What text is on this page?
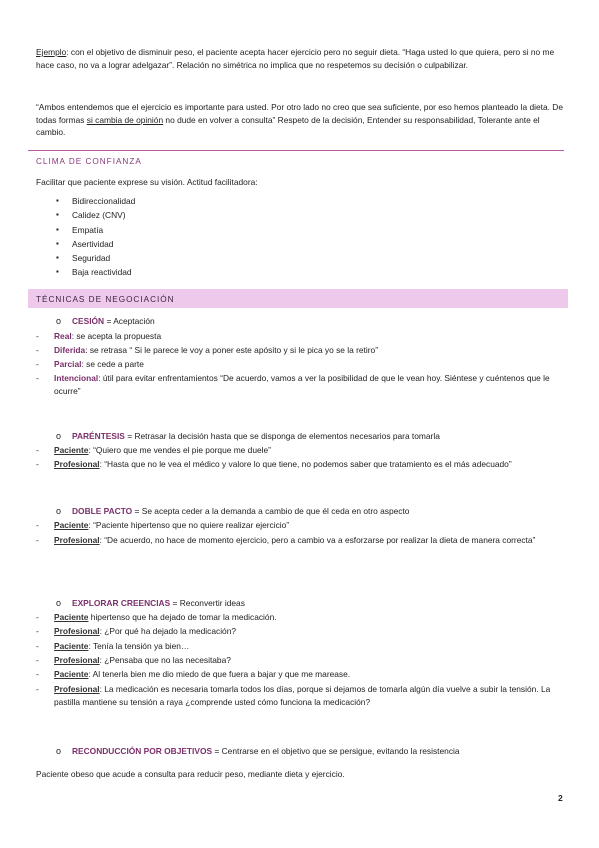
Ejemplo: con el objetivo de disminuir peso, el paciente acepta hacer ejercicio pero no seguir dieta. “Haga usted lo que quiera, pero si no me hace caso, no va a lograr adelgazar”. Relación no simétrica no implica que no respetemos su decisión o culpabilizar.
“Ambos entendemos que el ejercicio es importante para usted. Por otro lado no creo que sea suficiente, por eso hemos planteado la dieta. De todas formas si cambia de opinión no dude en volver a consulta” Respeto de la decisión, Entender su responsabilidad, Tolerante ante el cambio.
CLIMA DE CONFIANZA
Facilitar que paciente exprese su visión. Actitud facilitadora:
Bidireccionalidad
Calidez (CNV)
Empatía
Asertividad
Seguridad
Baja reactividad
TÉCNICAS DE NEGOCIACIÓN
o CESIÓN = Aceptación
- Real: se acepta la propuesta
- Diferida: se retrasa “ Si le parece le voy a poner este apósito y si le pica yo se la retiro”
- Parcial: se cede a parte
- Intencional: útil para evitar enfrentamientos “De acuerdo, vamos a ver la posibilidad de que le vean hoy. Siéntese y cuéntenos que le ocurre”
o PARÉNTESIS = Retrasar la decisión hasta que se disponga de elementos necesarios para tomarla
- Paciente: “Quiero que me vendes el pie porque me duele”
- Profesional: “Hasta que no le vea el médico y valore lo que tiene, no podemos saber que tratamiento es el más adecuado”
o DOBLE PACTO = Se acepta ceder a la demanda a cambio de que él ceda en otro aspecto
- Paciente: “Paciente hipertenso que no quiere realizar ejercicio”
- Profesional: “De acuerdo, no hace de momento ejercicio, pero a cambio va a esforzarse por realizar la dieta de manera correcta”
o EXPLORAR CREENCIAS = Reconvertir ideas
- Paciente hipertenso que ha dejado de tomar la medicación.
- Profesional: ¿Por qué ha dejado la medicación?
- Paciente: Tenía la tensión ya bien…
- Profesional: ¿Pensaba que no las necesitaba?
- Paciente: Al tenerla bien me dio miedo de que fuera a bajar y que me marease.
- Profesional: La medicación es necesaria tomarla todos los días, porque si dejamos de tomarla algún día vuelve a subir la tensión. La pastilla mantiene su tensión a raya ¿comprende usted cómo funciona la medicación?
o RECONDUCCIÓN POR OBJETIVOS = Centrarse en el objetivo que se persigue, evitando la resistencia
Paciente obeso que acude a consulta para reducir peso, mediante dieta y ejercicio.
2
